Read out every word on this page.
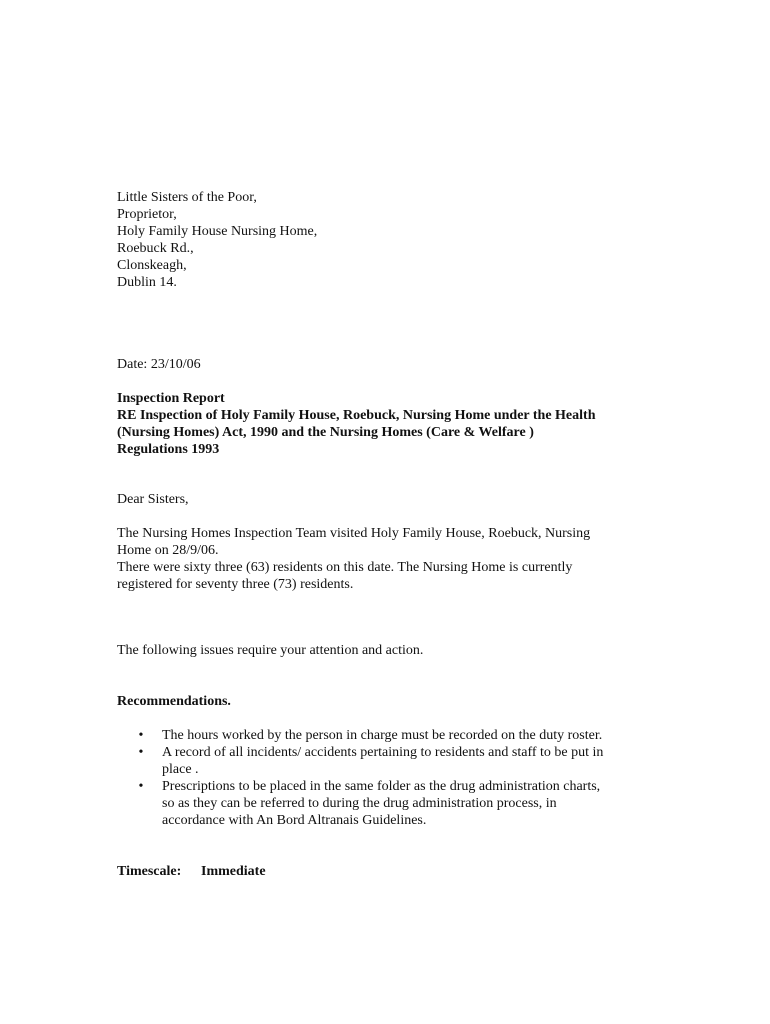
Little Sisters of the Poor,
Proprietor,
Holy Family House Nursing Home,
Roebuck Rd.,
Clonskeagh,
Dublin 14.
Date: 23/10/06
Inspection Report
RE Inspection of Holy Family House, Roebuck, Nursing Home under the Health
(Nursing Homes) Act, 1990 and the Nursing Homes (Care & Welfare )
Regulations 1993
Dear Sisters,
The Nursing Homes Inspection Team visited Holy Family House, Roebuck, Nursing
Home on 28/9/06.
There were sixty three (63) residents on this date. The Nursing Home is currently
registered for seventy three (73) residents.
The following issues require your attention and action.
Recommendations.
• The hours worked by the person in charge must be recorded on the duty roster.
• A record of all incidents/ accidents pertaining to residents and staff to be put in
place .
• Prescriptions to be placed in the same folder as the drug administration charts,
so as they can be referred to during the drug administration process, in
accordance with An Bord Altranais Guidelines.
Timescale: Immediate
